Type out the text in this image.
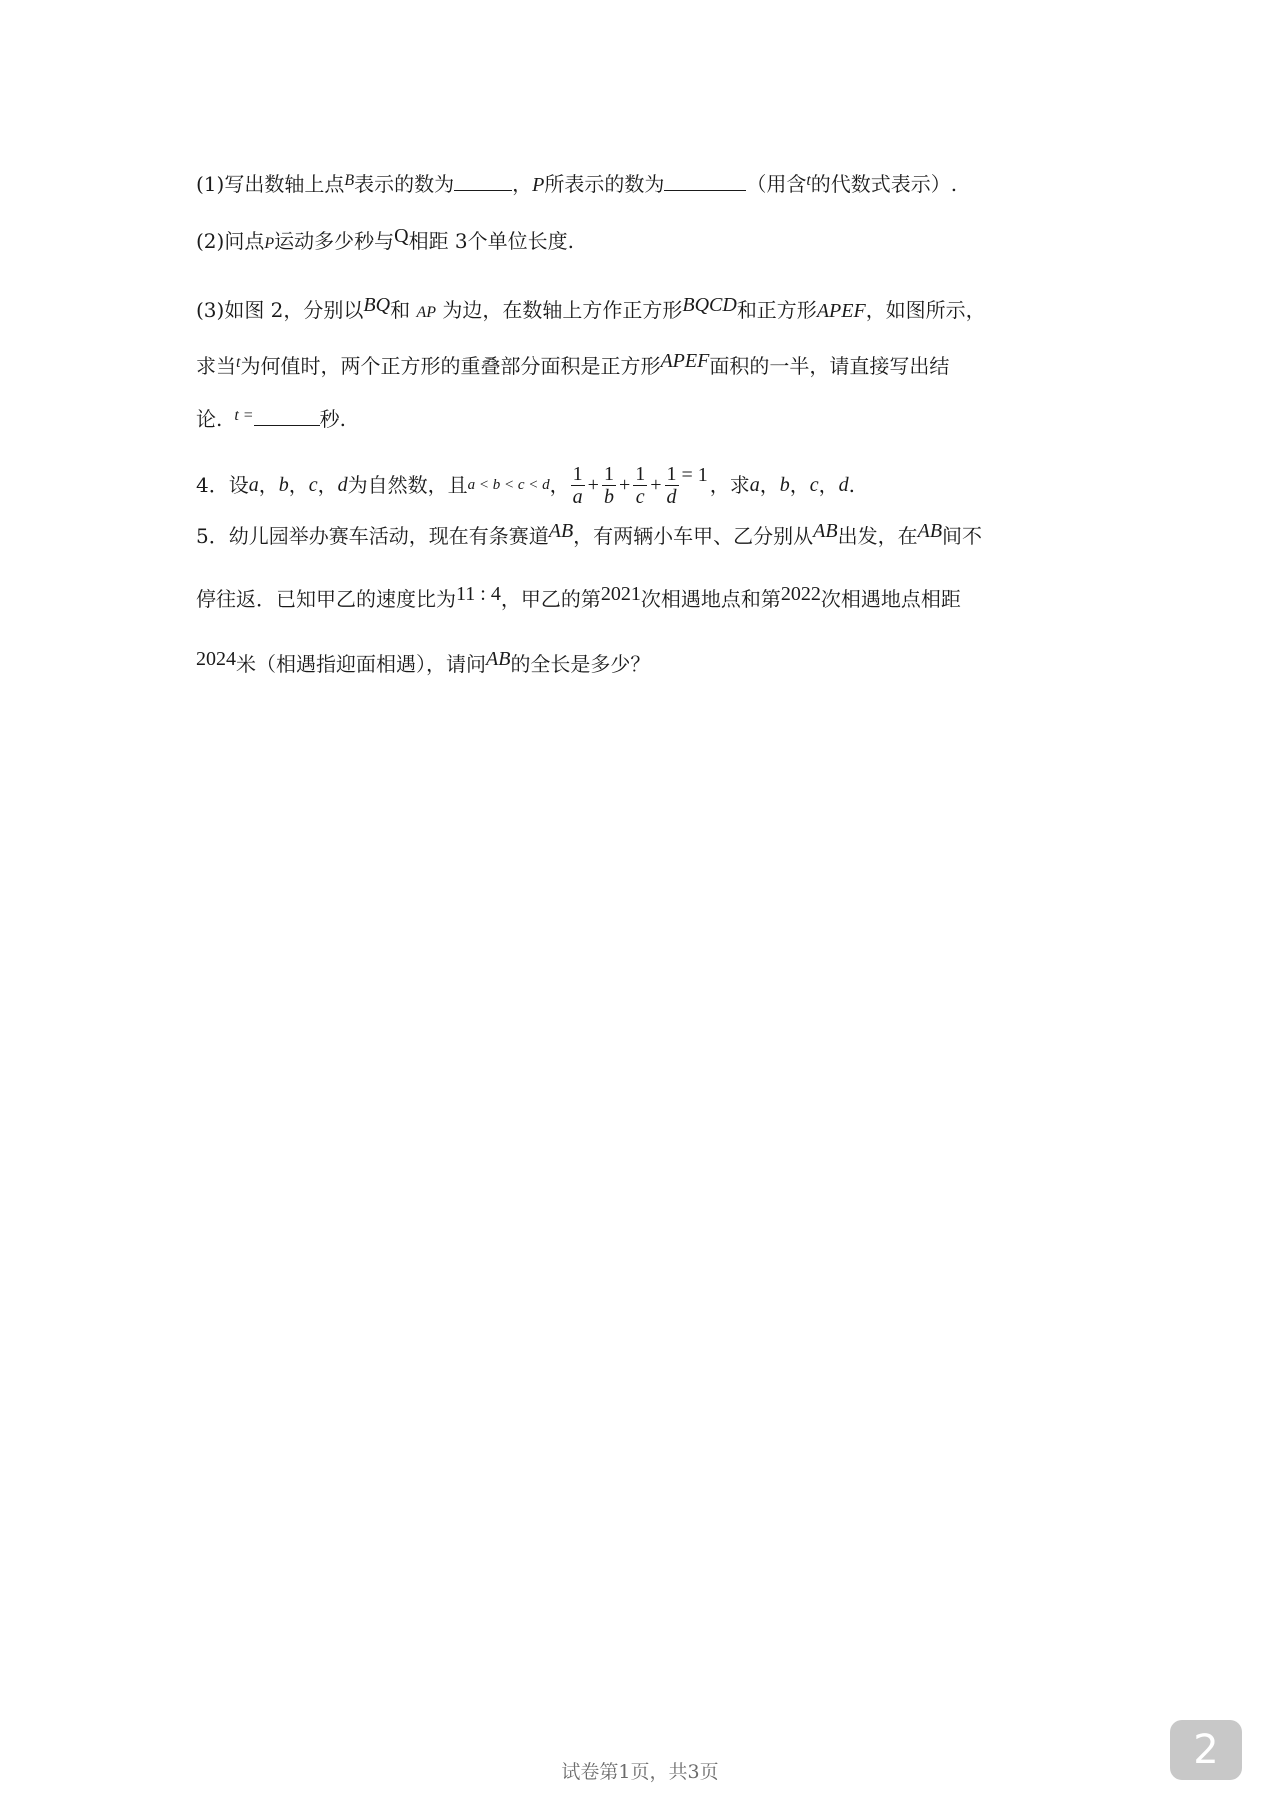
(1)写出数轴上点$^B$表示的数为	，P所表示的数为	（用含$^t$的代数式表示）.
(2)问点P运动多少秒与Q相距 3个单位长度.
(3)如图 2，分别以BQ和 AP 为边，在数轴上方作正方形BQCD和正方形APEF，如图所示，
求当$^t$为何值时，两个正方形的重叠部分面积是正方形APEF面积的一半，请直接写出结
论. $^{t =}$	秒.
4．设 a ， b ， c ， d 为自然数，且 a < b < c < d ， $\frac{1}{a} + \frac{1}{b} + \frac{1}{c} + \frac{1}{d} = 1$ ，求 a ， b ， c ， d .
5．幼儿园举办赛车活动，现在有条赛道AB，有两辆小车甲、乙分别从AB出发，在AB间不
停往返．已知甲乙的速度比为11 : 4，甲乙的第2021次相遇地点和第2022次相遇地点相距
2024米（相遇指迎面相遇），请问AB的全长是多少？
试卷第1页，共3页	2
